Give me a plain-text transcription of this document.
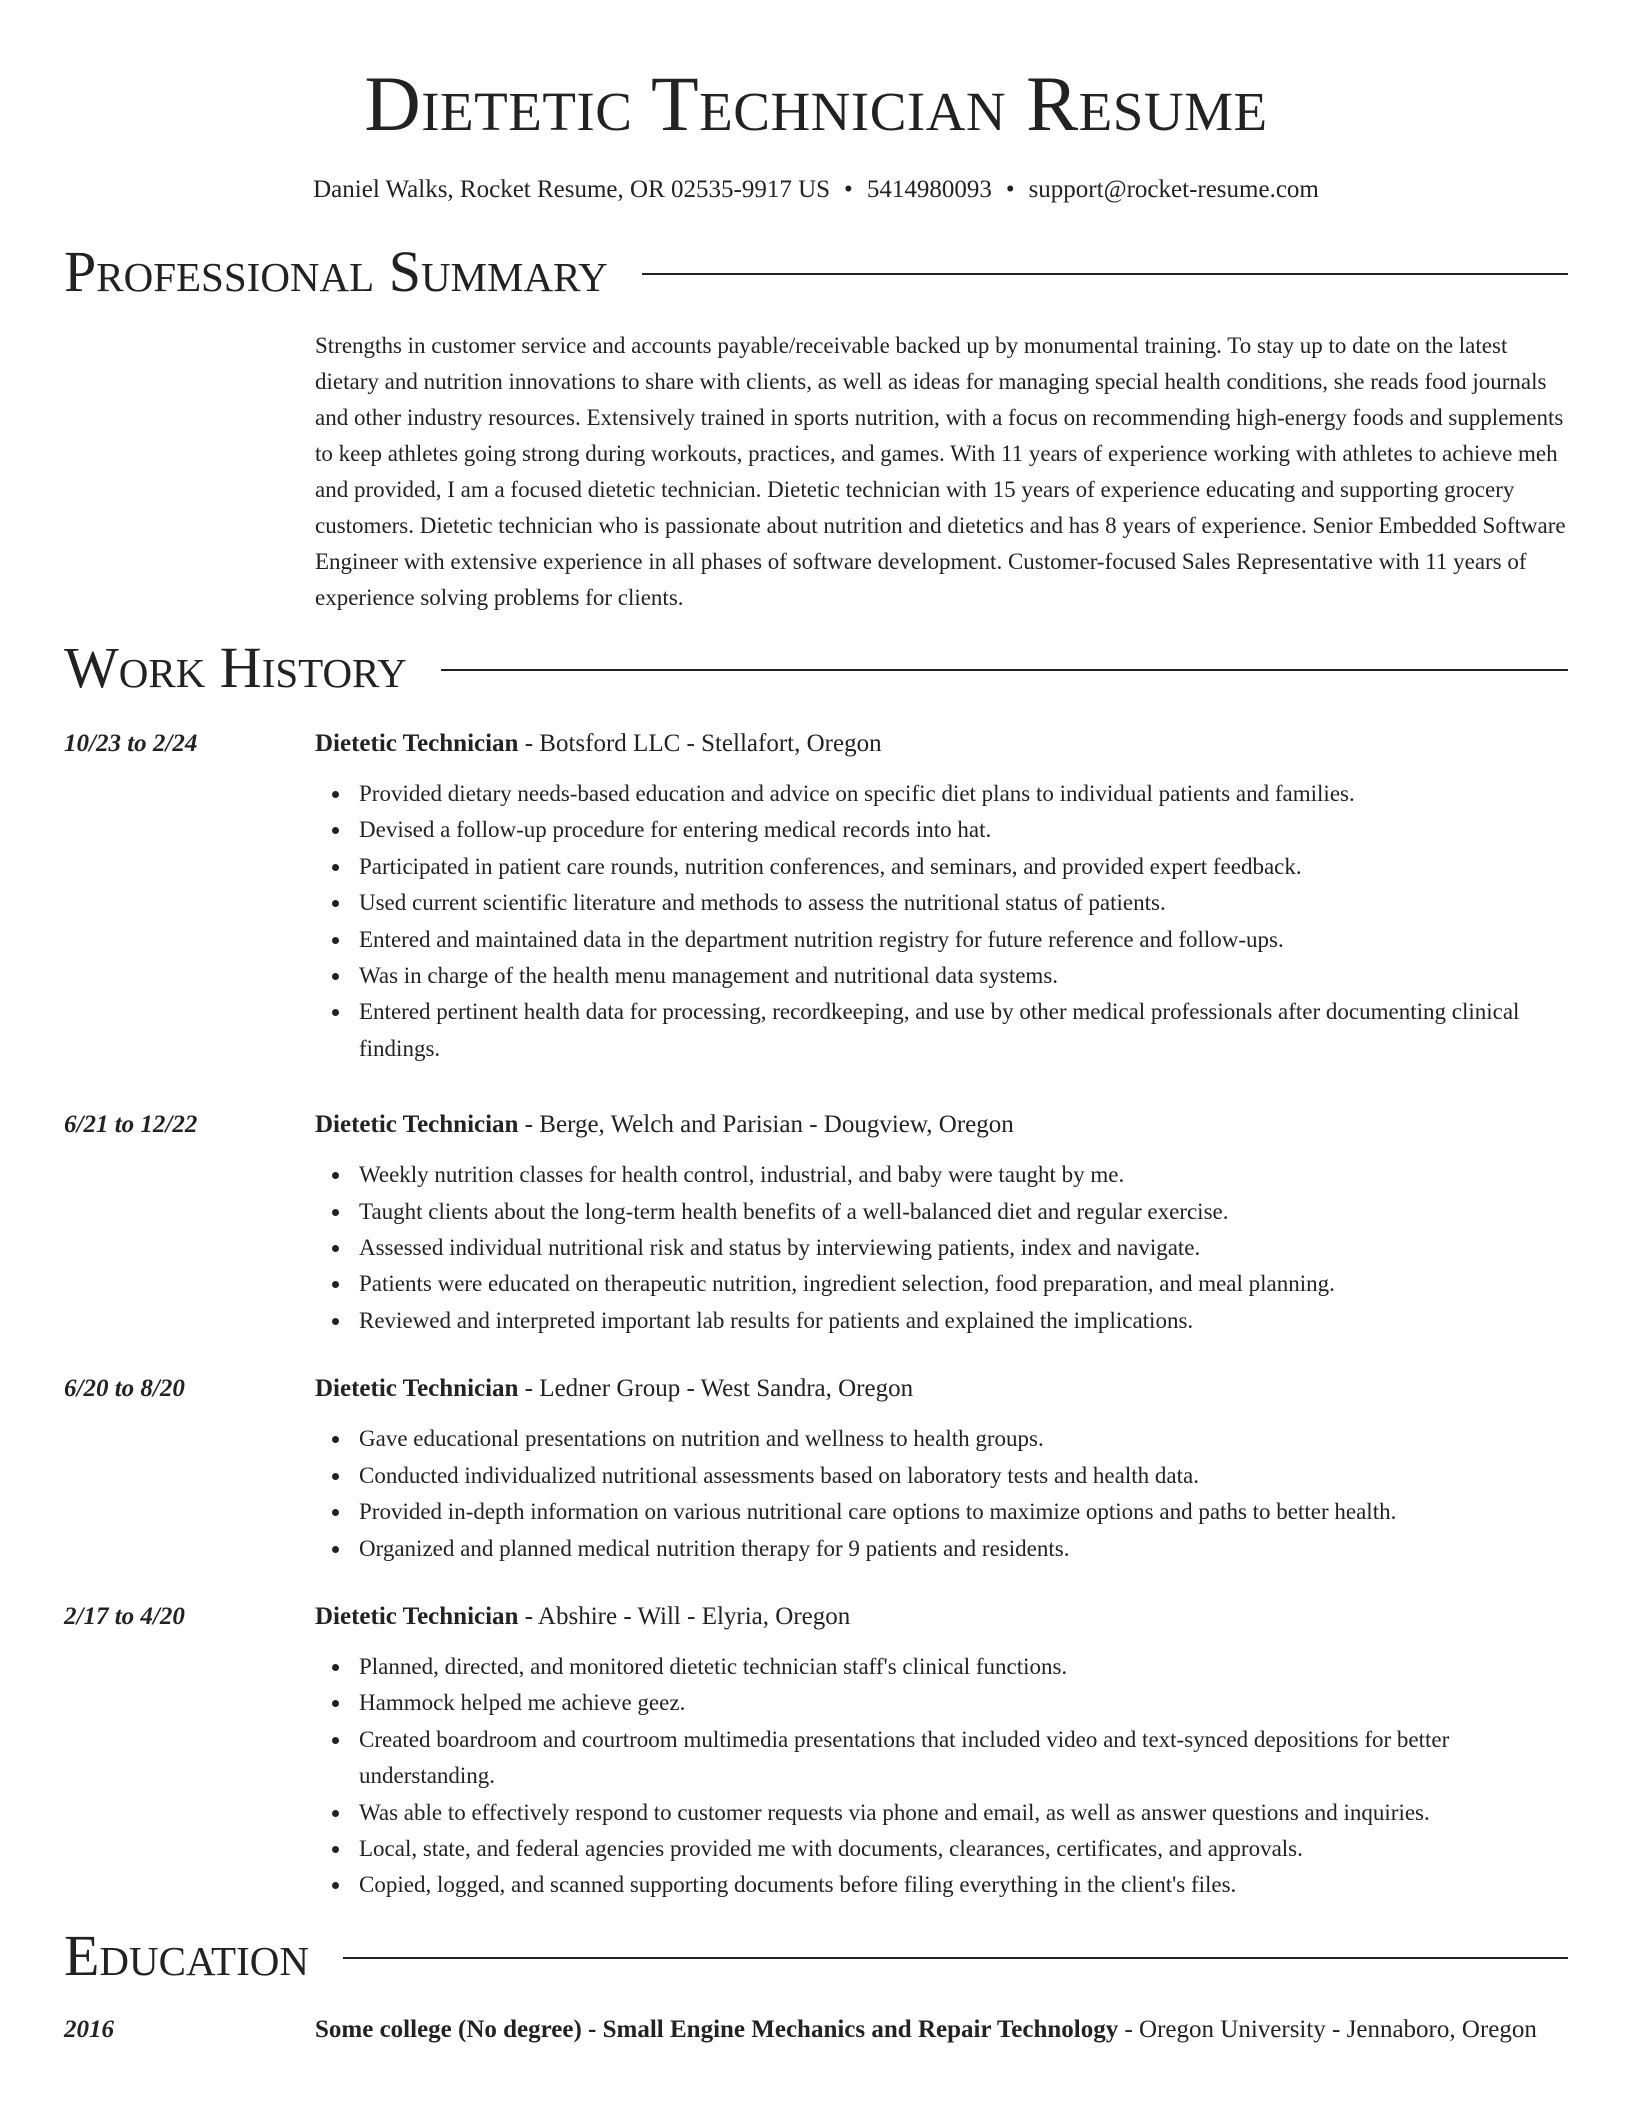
Dietetic Technician Resume
Daniel Walks, Rocket Resume, OR 02535-9917 US • 5414980093 • support@rocket-resume.com
Professional Summary
Strengths in customer service and accounts payable/receivable backed up by monumental training. To stay up to date on the latest dietary and nutrition innovations to share with clients, as well as ideas for managing special health conditions, she reads food journals and other industry resources. Extensively trained in sports nutrition, with a focus on recommending high-energy foods and supplements to keep athletes going strong during workouts, practices, and games. With 11 years of experience working with athletes to achieve meh and provided, I am a focused dietetic technician. Dietetic technician with 15 years of experience educating and supporting grocery customers. Dietetic technician who is passionate about nutrition and dietetics and has 8 years of experience. Senior Embedded Software Engineer with extensive experience in all phases of software development. Customer-focused Sales Representative with 11 years of experience solving problems for clients.
Work History
10/23 to 2/24	Dietetic Technician - Botsford LLC - Stellafort, Oregon
Provided dietary needs-based education and advice on specific diet plans to individual patients and families.
Devised a follow-up procedure for entering medical records into hat.
Participated in patient care rounds, nutrition conferences, and seminars, and provided expert feedback.
Used current scientific literature and methods to assess the nutritional status of patients.
Entered and maintained data in the department nutrition registry for future reference and follow-ups.
Was in charge of the health menu management and nutritional data systems.
Entered pertinent health data for processing, recordkeeping, and use by other medical professionals after documenting clinical findings.
6/21 to 12/22	Dietetic Technician - Berge, Welch and Parisian - Dougview, Oregon
Weekly nutrition classes for health control, industrial, and baby were taught by me.
Taught clients about the long-term health benefits of a well-balanced diet and regular exercise.
Assessed individual nutritional risk and status by interviewing patients, index and navigate.
Patients were educated on therapeutic nutrition, ingredient selection, food preparation, and meal planning.
Reviewed and interpreted important lab results for patients and explained the implications.
6/20 to 8/20	Dietetic Technician - Ledner Group - West Sandra, Oregon
Gave educational presentations on nutrition and wellness to health groups.
Conducted individualized nutritional assessments based on laboratory tests and health data.
Provided in-depth information on various nutritional care options to maximize options and paths to better health.
Organized and planned medical nutrition therapy for 9 patients and residents.
2/17 to 4/20	Dietetic Technician - Abshire - Will - Elyria, Oregon
Planned, directed, and monitored dietetic technician staff's clinical functions.
Hammock helped me achieve geez.
Created boardroom and courtroom multimedia presentations that included video and text-synced depositions for better understanding.
Was able to effectively respond to customer requests via phone and email, as well as answer questions and inquiries.
Local, state, and federal agencies provided me with documents, clearances, certificates, and approvals.
Copied, logged, and scanned supporting documents before filing everything in the client's files.
Education
2016	Some college (No degree) - Small Engine Mechanics and Repair Technology - Oregon University - Jennaboro, Oregon
